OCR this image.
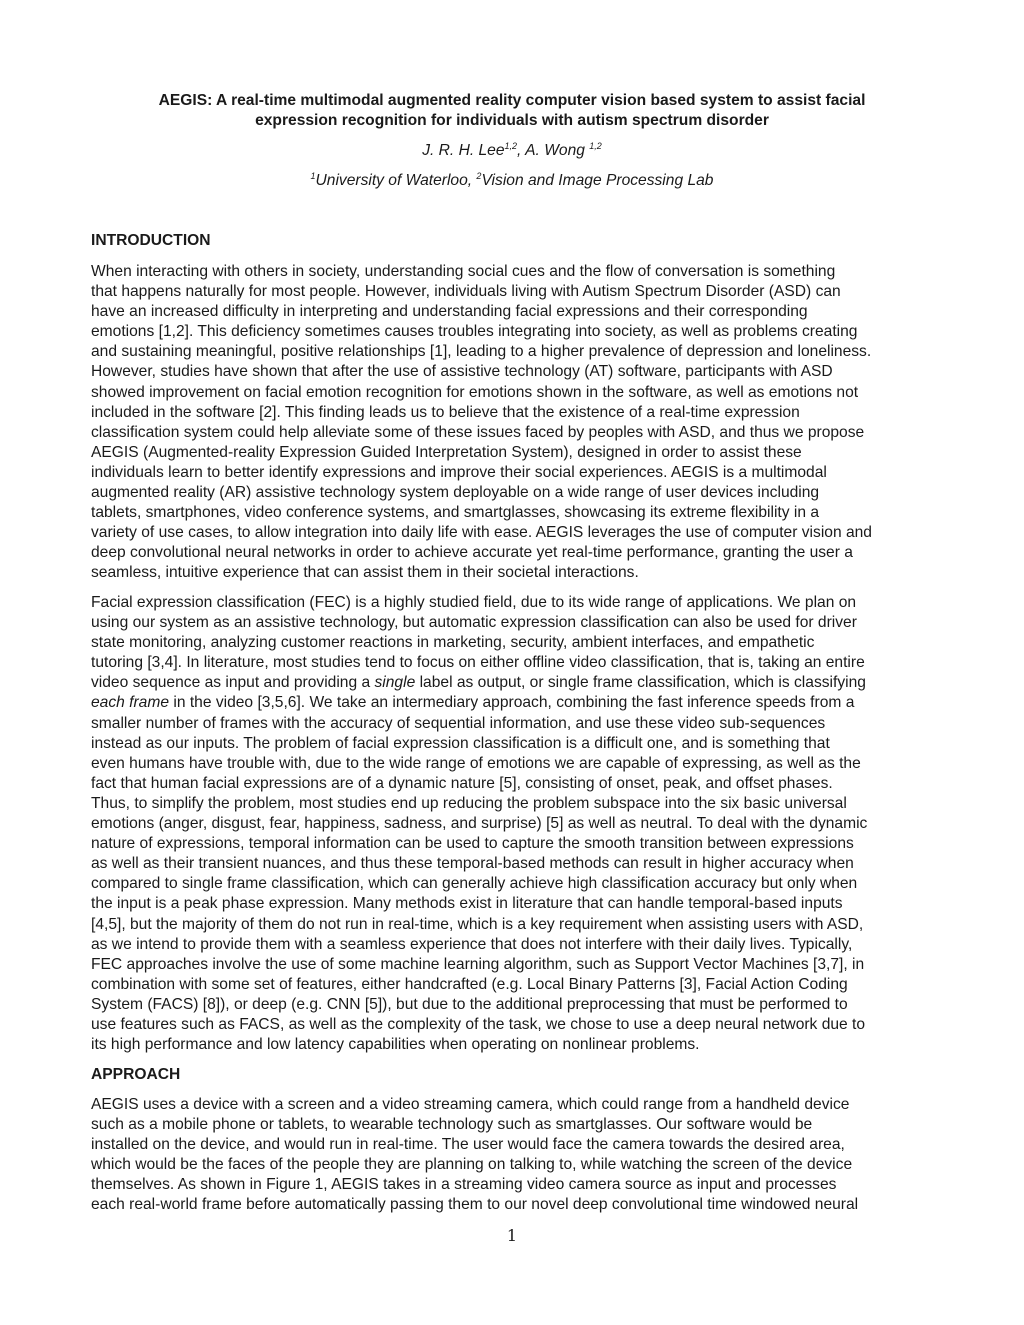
AEGIS: A real-time multimodal augmented reality computer vision based system to assist facial
expression recognition for individuals with autism spectrum disorder
J. R. H. Lee$^{1,2}$, A. Wong $^{1,2}$
$^1$University of Waterloo, $^2$Vision and Image Processing Lab
INTRODUCTION

When interacting with others in society, understanding social cues and the flow of conversation is something
that happens naturally for most people. However, individuals living with Autism Spectrum Disorder (ASD) can
have an increased difficulty in interpreting and understanding facial expressions and their corresponding
emotions [1,2]. This deficiency sometimes causes troubles integrating into society, as well as problems creating
and sustaining meaningful, positive relationships [1], leading to a higher prevalence of depression and loneliness.
However, studies have shown that after the use of assistive technology (AT) software, participants with ASD
showed improvement on facial emotion recognition for emotions shown in the software, as well as emotions not
included in the software [2]. This finding leads us to believe that the existence of a real-time expression
classification system could help alleviate some of these issues faced by peoples with ASD, and thus we propose
AEGIS (Augmented-reality Expression Guided Interpretation System), designed in order to assist these
individuals learn to better identify expressions and improve their social experiences. AEGIS is a multimodal
augmented reality (AR) assistive technology system deployable on a wide range of user devices including
tablets, smartphones, video conference systems, and smartglasses, showcasing its extreme flexibility in a
variety of use cases, to allow integration into daily life with ease. AEGIS leverages the use of computer vision and
deep convolutional neural networks in order to achieve accurate yet real-time performance, granting the user a
seamless, intuitive experience that can assist them in their societal interactions.

Facial expression classification (FEC) is a highly studied field, due to its wide range of applications. We plan on
using our system as an assistive technology, but automatic expression classification can also be used for driver
state monitoring, analyzing customer reactions in marketing, security, ambient interfaces, and empathetic
tutoring [3,4]. In literature, most studies tend to focus on either offline video classification, that is, taking an entire
video sequence as input and providing a single label as output, or single frame classification, which is classifying
each frame in the video [3,5,6]. We take an intermediary approach, combining the fast inference speeds from a
smaller number of frames with the accuracy of sequential information, and use these video sub-sequences
instead as our inputs. The problem of facial expression classification is a difficult one, and is something that
even humans have trouble with, due to the wide range of emotions we are capable of expressing, as well as the
fact that human facial expressions are of a dynamic nature [5], consisting of onset, peak, and offset phases.
Thus, to simplify the problem, most studies end up reducing the problem subspace into the six basic universal
emotions (anger, disgust, fear, happiness, sadness, and surprise) [5] as well as neutral. To deal with the dynamic
nature of expressions, temporal information can be used to capture the smooth transition between expressions
as well as their transient nuances, and thus these temporal-based methods can result in higher accuracy when
compared to single frame classification, which can generally achieve high classification accuracy but only when
the input is a peak phase expression. Many methods exist in literature that can handle temporal-based inputs
[4,5], but the majority of them do not run in real-time, which is a key requirement when assisting users with ASD,
as we intend to provide them with a seamless experience that does not interfere with their daily lives. Typically,
FEC approaches involve the use of some machine learning algorithm, such as Support Vector Machines [3,7], in
combination with some set of features, either handcrafted (e.g. Local Binary Patterns [3], Facial Action Coding
System (FACS) [8]), or deep (e.g. CNN [5]), but due to the additional preprocessing that must be performed to
use features such as FACS, as well as the complexity of the task, we chose to use a deep neural network due to
its high performance and low latency capabilities when operating on nonlinear problems.

APPROACH

AEGIS uses a device with a screen and a video streaming camera, which could range from a handheld device
such as a mobile phone or tablets, to wearable technology such as smartglasses. Our software would be
installed on the device, and would run in real-time. The user would face the camera towards the desired area,
which would be the faces of the people they are planning on talking to, while watching the screen of the device
themselves. As shown in Figure 1, AEGIS takes in a streaming video camera source as input and processes
each real-world frame before automatically passing them to our novel deep convolutional time windowed neural

1
